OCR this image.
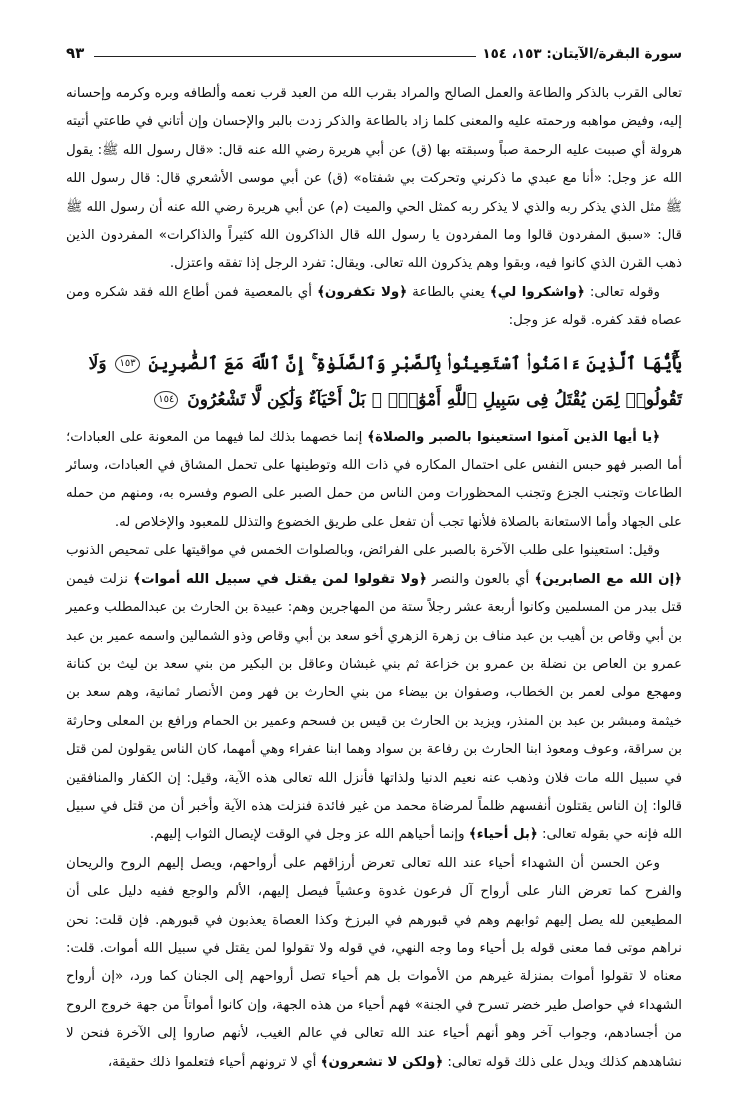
سورة البقرة/الآيتان: ١٥٣، ١٥٤
٩٣

تعالى القرب بالذكر والطاعة والعمل الصالح والمراد بقرب الله من العبد قرب نعمه وألطافه وبره وكرمه وإحسانه إليه، وفيض مواهبه ورحمته عليه والمعنى كلما زاد بالطاعة والذكر زدت بالبر والإحسان وإن أتاني في طاعتي أتيته هرولة أي صببت عليه الرحمة صباً وسبقته بها (ق) عن أبي هريرة رضي الله عنه قال: «قال رسول الله ﷺ: يقول الله عز وجل: «أنا مع عبدي ما ذكرني وتحركت بي شفتاه» (ق) عن أبي موسى الأشعري قال: قال رسول الله ﷺ مثل الذي يذكر ربه والذي لا يذكر ربه كمثل الحي والميت (م) عن أبي هريرة رضي الله عنه أن رسول الله ﷺ قال: «سبق المفردون قالوا وما المفردون يا رسول الله قال الذاكرون الله كثيراً والذاكرات» المفردون الذين ذهب القرن الذي كانوا فيه، وبقوا وهم يذكرون الله تعالى. ويقال: تفرد الرجل إذا تفقه واعتزل.

وقوله تعالى: ﴿واشكروا لي﴾ يعني بالطاعة ﴿ولا تكفرون﴾ أي بالمعصية فمن أطاع الله فقد شكره ومن عصاه فقد كفره. قوله عز وجل:

يَٰٓأَيُّهَا ٱلَّذِينَ ءَامَنُوا۟ ٱسْتَعِينُوا۟ بِٱلصَّبْرِ وَٱلصَّلَوٰةِ ۚ إِنَّ ٱللَّهَ مَعَ ٱلصَّٰبِرِينَ ١٥٣ وَلَا تَقُولُوا۟ لِمَن يُقْتَلُ فِى سَبِيلِ ٱللَّهِ أَمْوَٰتٌۢ ۚ بَلْ أَحْيَآءٌ وَلَٰكِن لَّا تَشْعُرُونَ ١٥٤

﴿يا أيها الذين آمنوا استعينوا بالصبر والصلاة﴾ إنما خصهما بذلك لما فيهما من المعونة على العبادات؛ أما الصبر فهو حبس النفس على احتمال المكاره في ذات الله وتوطينها على تحمل المشاق في العبادات، وسائر الطاعات وتجنب الجزع وتجنب المحظورات ومن الناس من حمل الصبر على الصوم وفسره به، ومنهم من حمله على الجهاد وأما الاستعانة بالصلاة فلأنها تجب أن تفعل على طريق الخضوع والتذلل للمعبود والإخلاص له.

وقيل: استعينوا على طلب الآخرة بالصبر على الفرائض، وبالصلوات الخمس في مواقيتها على تمحيص الذنوب ﴿إن الله مع الصابرين﴾ أي بالعون والنصر ﴿ولا تقولوا لمن يقتل في سبيل الله أموات﴾ نزلت فيمن قتل ببدر من المسلمين وكانوا أربعة عشر رجلاً ستة من المهاجرين وهم: عبيدة بن الحارث بن عبدالمطلب وعمير بن أبي وقاص بن أهيب بن عبد مناف بن زهرة الزهري أخو سعد بن أبي وقاص وذو الشمالين واسمه عمير بن عبد عمرو بن العاص بن نضلة بن عمرو بن خزاعة ثم بني غبشان وعاقل بن البكير من بني سعد بن ليث بن كنانة ومهجع مولى لعمر بن الخطاب، وصفوان بن بيضاء من بني الحارث بن فهر ومن الأنصار ثمانية، وهم سعد بن خيثمة ومبشر بن عبد بن المنذر، ويزيد بن الحارث بن قيس بن فسحم وعمير بن الحمام ورافع بن المعلى وحارثة بن سراقة، وعوف ومعوذ ابنا الحارث بن رفاعة بن سواد وهما ابنا عفراء وهي أمهما، كان الناس يقولون لمن قتل في سبيل الله مات فلان وذهب عنه نعيم الدنيا ولذاتها فأنزل الله تعالى هذه الآية، وقيل: إن الكفار والمنافقين قالوا: إن الناس يقتلون أنفسهم ظلماً لمرضاة محمد من غير فائدة فنزلت هذه الآية وأخبر أن من قتل في سبيل الله فإنه حي بقوله تعالى: ﴿بل أحياء﴾ وإنما أحياهم الله عز وجل في الوقت لإيصال الثواب إليهم.

وعن الحسن أن الشهداء أحياء عند الله تعالى تعرض أرزاقهم على أرواحهم، ويصل إليهم الروح والريحان والفرح كما تعرض النار على أرواح آل فرعون غدوة وعشياً فيصل إليهم، الألم والوجع ففيه دليل على أن المطيعين لله يصل إليهم ثوابهم وهم في قبورهم في البرزخ وكذا العصاة يعذبون في قبورهم. فإن قلت: نحن نراهم موتى فما معنى قوله بل أحياء وما وجه النهي، في قوله ولا تقولوا لمن يقتل في سبيل الله أموات. قلت: معناه لا تقولوا أموات بمنزلة غيرهم من الأموات بل هم أحياء تصل أرواحهم إلى الجنان كما ورد، «إن أرواح الشهداء في حواصل طير خضر تسرح في الجنة» فهم أحياء من هذه الجهة، وإن كانوا أمواتاً من جهة خروج الروح من أجسادهم، وجواب آخر وهو أنهم أحياء عند الله تعالى في عالم الغيب، لأنهم صاروا إلى الآخرة فنحن لا نشاهدهم كذلك ويدل على ذلك قوله تعالى: ﴿ولكن لا تشعرون﴾ أي لا ترونهم أحياء فتعلموا ذلك حقيقة،
